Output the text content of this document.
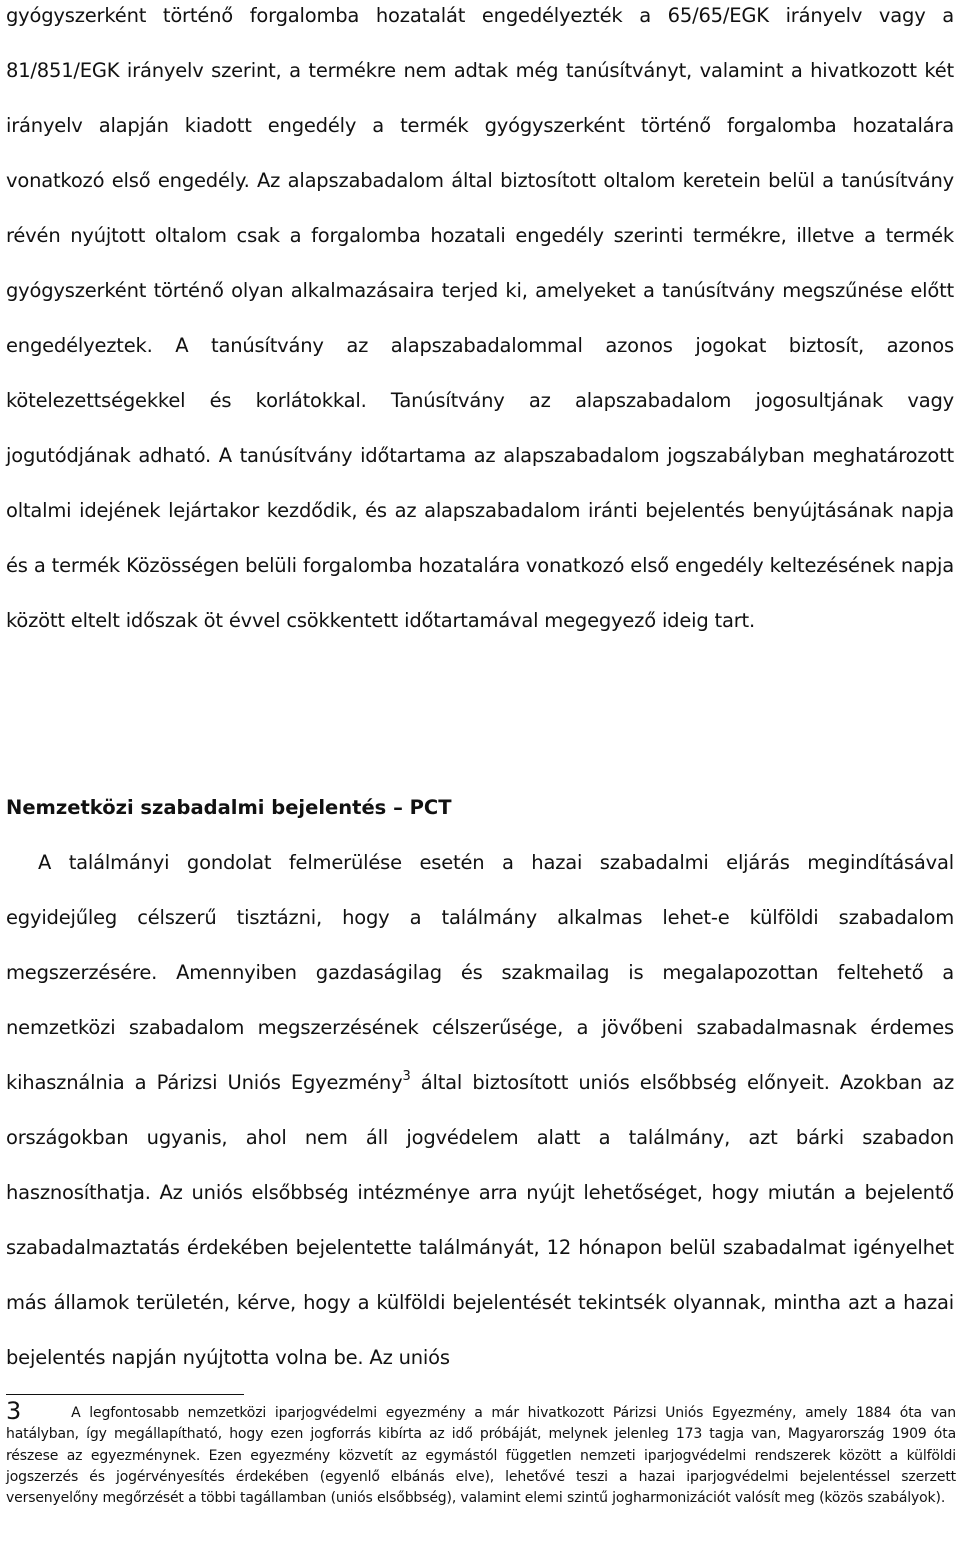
gyógyszerként történő forgalomba hozatalát engedélyezték a 65/65/EGK irányelv vagy a 81/851/EGK irányelv szerint, a termékre nem adtak még tanúsítványt, valamint a hivatkozott két irányelv alapján kiadott engedély a termék gyógyszerként történő forgalomba hozatalára vonatkozó első engedély. Az alapszabadalom által biztosított oltalom keretein belül a tanúsítvány révén nyújtott oltalom csak a forgalomba hozatali engedély szerinti termékre, illetve a termék gyógyszerként történő olyan alkalmazásaira terjed ki, amelyeket a tanúsítvány megszűnése előtt engedélyeztek. A tanúsítvány az alapszabadalommal azonos jogokat biztosít, azonos kötelezettségekkel és korlátokkal. Tanúsítvány az alapszabadalom jogosultjának vagy jogutódjának adható. A tanúsítvány időtartama az alapszabadalom jogszabályban meghatározott oltalmi idejének lejártakor kezdődik, és az alapszabadalom iránti bejelentés benyújtásának napja és a termék Közösségen belüli forgalomba hozatalára vonatkozó első engedély keltezésének napja között eltelt időszak öt évvel csökkentett időtartamával megegyező ideig tart.

Nemzetközi szabadalmi bejelentés – PCT

A találmányi gondolat felmerülése esetén a hazai szabadalmi eljárás megindításával egyidejűleg célszerű tisztázni, hogy a találmány alkalmas lehet-e külföldi szabadalom megszerzésére. Amennyiben gazdaságilag és szakmailag is megalapozottan feltehető a nemzetközi szabadalom megszerzésének célszerűsége, a jövőbeni szabadalmasnak érdemes kihasználnia a Párizsi Uniós Egyezmény$^3$ által biztosított uniós elsőbbség előnyeit. Azokban az országokban ugyanis, ahol nem áll jogvédelem alatt a találmány, azt bárki szabadon hasznosíthatja. Az uniós elsőbbség intézménye arra nyújt lehetőséget, hogy miután a bejelentő szabadalmaztatás érdekében bejelentette találmányát, 12 hónapon belül szabadalmat igényelhet más államok területén, kérve, hogy a külföldi bejelentését tekintsék olyannak, mintha azt a hazai bejelentés napján nyújtotta volna be. Az uniós

3	A legfontosabb nemzetközi iparjogvédelmi egyezmény a már hivatkozott Párizsi Uniós Egyezmény, amely 1884 óta van hatályban, így megállapítható, hogy ezen jogforrás kibírta az idő próbáját, melynek jelenleg 173 tagja van, Magyarország 1909 óta részese az egyezménynek. Ezen egyezmény közvetít az egymástól független nemzeti iparjogvédelmi rendszerek között a külföldi jogszerzés és jogérvényesítés érdekében (egyenlő elbánás elve), lehetővé teszi a hazai iparjogvédelmi bejelentéssel szerzett versenyelőny megőrzését a többi tagállamban (uniós elsőbbség), valamint elemi szintű jogharmonizációt valósít meg (közös szabályok).
